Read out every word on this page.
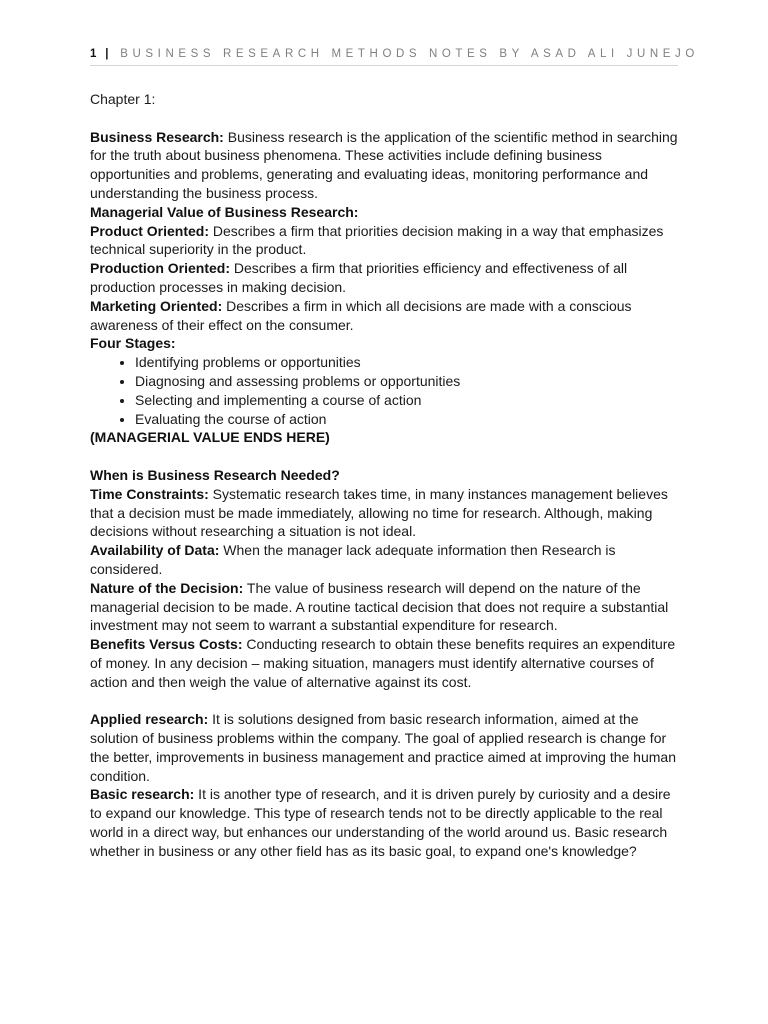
1 | BUSINESS RESEARCH METHODS NOTES BY ASAD ALI JUNEJO

Chapter 1:

Business Research: Business research is the application of the scientific method in searching for the truth about business phenomena. These activities include defining business opportunities and problems, generating and evaluating ideas, monitoring performance and understanding the business process.

Managerial Value of Business Research:

Product Oriented: Describes a firm that priorities decision making in a way that emphasizes technical superiority in the product.

Production Oriented: Describes a firm that priorities efficiency and effectiveness of all production processes in making decision.

Marketing Oriented: Describes a firm in which all decisions are made with a conscious awareness of their effect on the consumer.

Four Stages:

• Identifying problems or opportunities
• Diagnosing and assessing problems or opportunities
• Selecting and implementing a course of action
• Evaluating the course of action

(MANAGERIAL VALUE ENDS HERE)

When is Business Research Needed?

Time Constraints: Systematic research takes time, in many instances management believes that a decision must be made immediately, allowing no time for research. Although, making decisions without researching a situation is not ideal.

Availability of Data: When the manager lack adequate information then Research is considered.

Nature of the Decision: The value of business research will depend on the nature of the managerial decision to be made. A routine tactical decision that does not require a substantial investment may not seem to warrant a substantial expenditure for research.

Benefits Versus Costs: Conducting research to obtain these benefits requires an expenditure of money. In any decision – making situation, managers must identify alternative courses of action and then weigh the value of alternative against its cost.

Applied research: It is solutions designed from basic research information, aimed at the solution of business problems within the company. The goal of applied research is change for the better, improvements in business management and practice aimed at improving the human condition.

Basic research: It is another type of research, and it is driven purely by curiosity and a desire to expand our knowledge. This type of research tends not to be directly applicable to the real world in a direct way, but enhances our understanding of the world around us. Basic research whether in business or any other field has as its basic goal, to expand one's knowledge?
